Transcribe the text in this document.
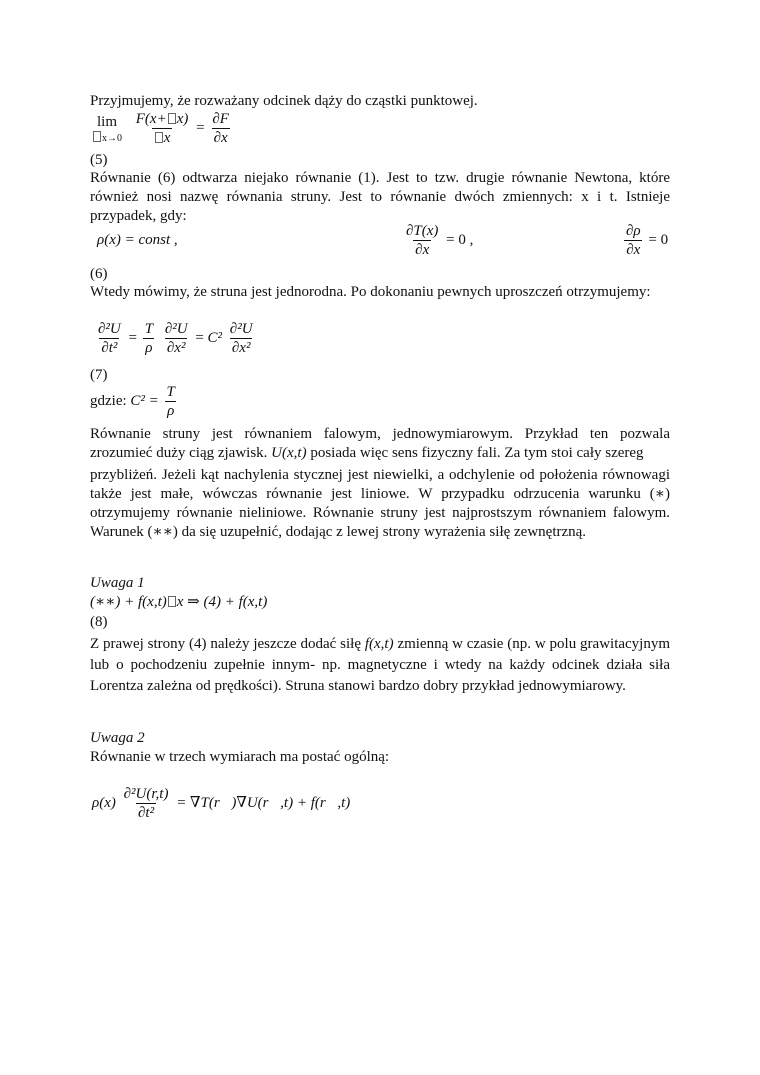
Przyjmujemy, że rozważany odcinek dąży do cząstki punktowej.
lim
x→0
$\frac{F(x+ x)}{x} = \frac{\partial F}{\partial x}$
(5)
Równanie (6) odtwarza niejako równanie (1). Jest to tzw. drugie równanie Newtona, które również nosi nazwę równania struny. Jest to równanie dwóch zmiennych: x i t. Istnieje przypadek, gdy:
ρ(x) = const ,	$\frac{\partial T(x)}{\partial x} = 0$ ,	$\frac{\partial\rho}{\partial x} = 0$
(6)
Wtedy mówimy, że struna jest jednorodna. Po dokonaniu pewnych uproszczeń otrzymujemy:
$\frac{\text{∂²U}}{\text{∂t²}} = \frac{T}{\rho}$
$\frac{\text{∂²U}}{\text{∂x²}} = C^2 \frac{\text{∂²U}}{\text{∂x²}}$
(7)
gdzie: $C^2 = \frac{T}{\rho}$
Równanie struny jest równaniem falowym, jednowymiarowym. Przykład ten pozwala zrozumieć duży ciąg zjawisk. U(x,t) posiada więc sens fizyczny fali. Za tym stoi cały szereg
przybliżeń. Jeżeli kąt nachylenia stycznej jest niewielki, a odchylenie od położenia równowagi także jest małe, wówczas równanie jest liniowe. W przypadku odrzucenia warunku (∗) otrzymujemy równanie nieliniowe. Równanie struny jest najprostszym równaniem falowym. Warunek (∗∗) da się uzupełnić, dodając z lewej strony wyrażenia siłę zewnętrzną.
Uwaga 1
(∗∗) + f(x,t) x ⇒ (4) + f(x,t)
(8)
Z prawej strony (4) należy jeszcze dodać siłę f(x,t) zmienną w czasie (np. w polu grawitacyjnym lub o pochodzeniu zupełnie innym- np. magnetyczne i wtedy na każdy odcinek działa siła Lorentza zależna od prędkości). Struna stanowi bardzo dobry przykład jednowymiarowy.
Uwaga 2
Równanie w trzech wymiarach ma postać ogólną:
$\rho(x) \frac{\text{∂²U(r,t)}}{\text{∂t²}}$ = ∇T(r⃗)∇U(r⃗,t) + f(r⃗,t)
